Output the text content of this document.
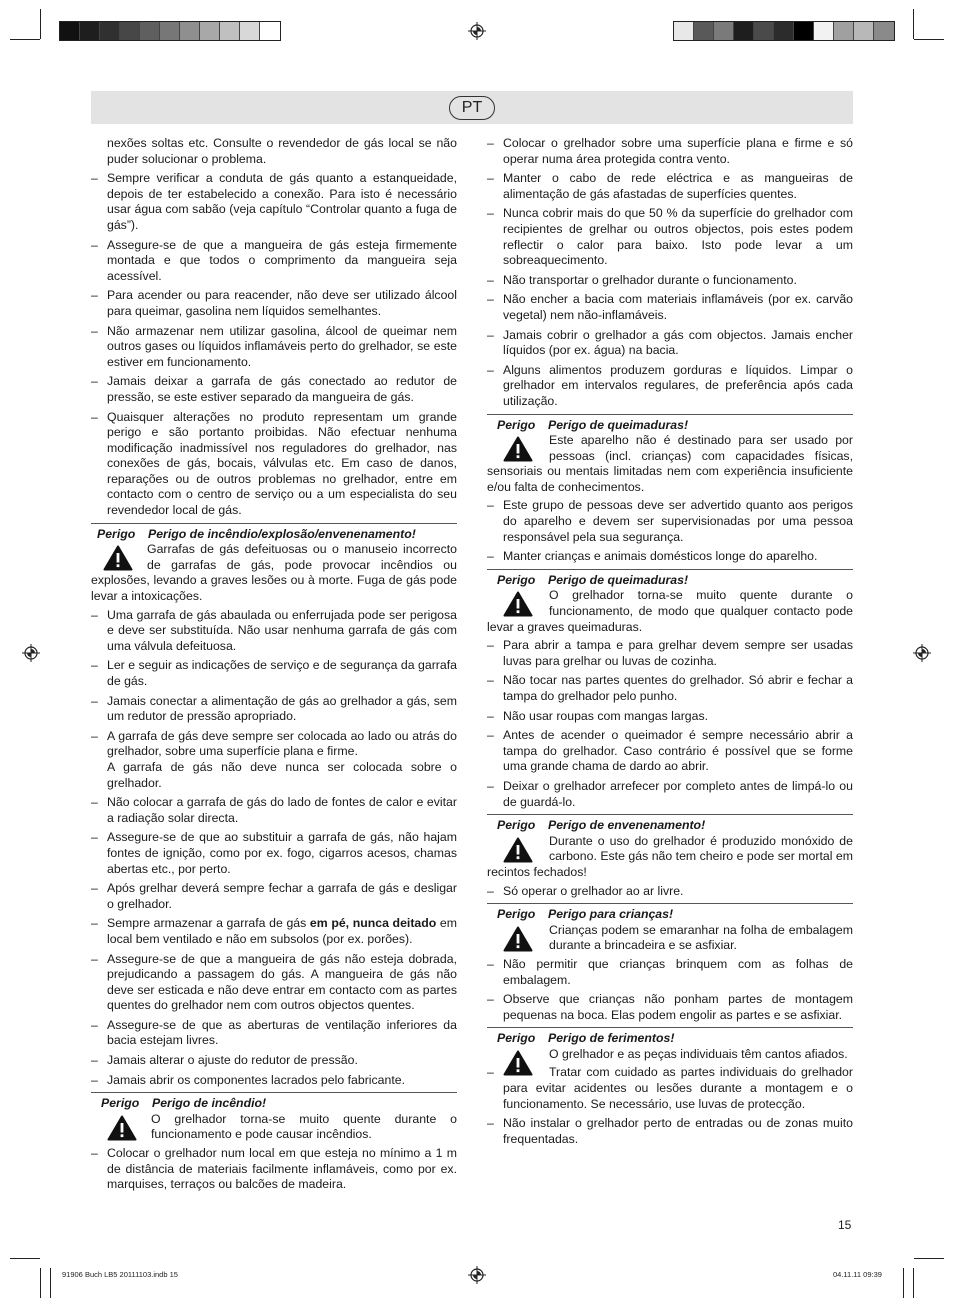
PT

nexões soltas etc. Consulte o revendedor de gás local se não puder solucionar o problema.

– Sempre verificar a conduta de gás quanto a estanqueidade, depois de ter estabelecido a conexão. Para isto é necessário usar água com sabão (veja capítulo “Controlar quanto a fuga de gás”).
– Assegure-se de que a mangueira de gás esteja firmemente montada e que todos o comprimento da mangueira seja acessível.
– Para acender ou para reacender, não deve ser utilizado álcool para queimar, gasolina nem líquidos semelhantes.
– Não armazenar nem utilizar gasolina, álcool de queimar nem outros gases ou líquidos inflamáveis perto do grelhador, se este estiver em funcionamento.
– Jamais deixar a garrafa de gás conectado ao redutor de pressão, se este estiver separado da mangueira de gás.
– Quaisquer alterações no produto representam um grande perigo e são portanto proibidas. Não efectuar nenhuma modificação inadmissível nos reguladores do grelhador, nas conexões de gás, bocais, válvulas etc. Em caso de danos, reparações ou de outros problemas no grelhador, entre em contacto com o centro de serviço ou a um especialista do seu revendedor local de gás.
Perigo Perigo de incêndio/explosão/envenenamento!
Garrafas de gás defeituosas ou o manuseio incorrecto de garrafas de gás, pode provocar incêndios ou explosões, levando a graves lesões ou à morte. Fuga de gás pode levar a intoxicações.
– Uma garrafa de gás abaulada ou enferrujada pode ser perigosa e deve ser substituída. Não usar nenhuma garrafa de gás com uma válvula defeituosa.
– Ler e seguir as indicações de serviço e de segurança da garrafa de gás.
– Jamais conectar a alimentação de gás ao grelhador a gás, sem um redutor de pressão apropriado.
– A garrafa de gás deve sempre ser colocada ao lado ou atrás do grelhador, sobre uma superfície plana e firme.
A garrafa de gás não deve nunca ser colocada sobre o grelhador.
– Não colocar a garrafa de gás do lado de fontes de calor e evitar a radiação solar directa.
– Assegure-se de que ao substituir a garrafa de gás, não hajam fontes de ignição, como por ex. fogo, cigarros acesos, chamas abertas etc., por perto.
– Após grelhar deverá sempre fechar a garrafa de gás e desligar o grelhador.
– Sempre armazenar a garrafa de gás em pé, nunca deitado em local bem ventilado e não em subsolos (por ex. porões).
– Assegure-se de que a mangueira de gás não esteja dobrada, prejudicando a passagem do gás. A mangueira de gás não deve ser esticada e não deve entrar em contacto com as partes quentes do grelhador nem com outros objectos quentes.
– Assegure-se de que as aberturas de ventilação inferiores da bacia estejam livres.
– Jamais alterar o ajuste do redutor de pressão.
– Jamais abrir os componentes lacrados pelo fabricante.
Perigo Perigo de incêndio!
O grelhador torna-se muito quente durante o funcionamento e pode causar incêndios.
– Colocar o grelhador num local em que esteja no mínimo a 1 m de distância de materiais facilmente inflamáveis, como por ex. marquises, terraços ou balcões de madeira.
– Colocar o grelhador sobre uma superfície plana e firme e só operar numa área protegida contra vento.
– Manter o cabo de rede eléctrica e as mangueiras de alimentação de gás afastadas de superfícies quentes.
– Nunca cobrir mais do que 50 % da superfície do grelhador com recipientes de grelhar ou outros objectos, pois estes podem reflectir o calor para baixo. Isto pode levar a um sobreaquecimento.
– Não transportar o grelhador durante o funcionamento.
– Não encher a bacia com materiais inflamáveis (por ex. carvão vegetal) nem não-inflamáveis.
– Jamais cobrir o grelhador a gás com objectos. Jamais encher líquidos (por ex. água) na bacia.
– Alguns alimentos produzem gorduras e líquidos. Limpar o grelhador em intervalos regulares, de preferência após cada utilização.
Perigo Perigo de queimaduras!
Este aparelho não é destinado para ser usado por pessoas (incl. crianças) com capacidades físicas, sensoriais ou mentais limitadas nem com experiência insuficiente e/ou falta de conhecimentos.
– Este grupo de pessoas deve ser advertido quanto aos perigos do aparelho e devem ser supervisionadas por uma pessoa responsável pela sua segurança.
– Manter crianças e animais domésticos longe do aparelho.
Perigo Perigo de queimaduras!
O grelhador torna-se muito quente durante o funcionamento, de modo que qualquer contacto pode levar a graves queimaduras.
– Para abrir a tampa e para grelhar devem sempre ser usadas luvas para grelhar ou luvas de cozinha.
– Não tocar nas partes quentes do grelhador. Só abrir e fechar a tampa do grelhador pelo punho.
– Não usar roupas com mangas largas.
– Antes de acender o queimador é sempre necessário abrir a tampa do grelhador. Caso contrário é possível que se forme uma grande chama de dardo ao abrir.
– Deixar o grelhador arrefecer por completo antes de limpá-lo ou de guardá-lo.
Perigo Perigo de envenenamento!
Durante o uso do grelhador é produzido monóxido de carbono. Este gás não tem cheiro e pode ser mortal em recintos fechados!
– Só operar o grelhador ao ar livre.
Perigo Perigo para crianças!
Crianças podem se emaranhar na folha de embalagem durante a brincadeira e se asfixiar.
– Não permitir que crianças brinquem com as folhas de embalagem.
– Observe que crianças não ponham partes de montagem pequenas na boca. Elas podem engolir as partes e se asfixiar.
Perigo Perigo de ferimentos!
O grelhador e as peças individuais têm cantos afiados.
–	Tratar com cuidado as partes individuais do grelhador para evitar acidentes ou lesões durante a montagem e o funcionamento. Se necessário, use luvas de protecção.
– Não instalar o grelhador perto de entradas ou de zonas muito frequentadas.
15
91906 Buch LB5 20111103.indb 15	04.11.11 09:39
